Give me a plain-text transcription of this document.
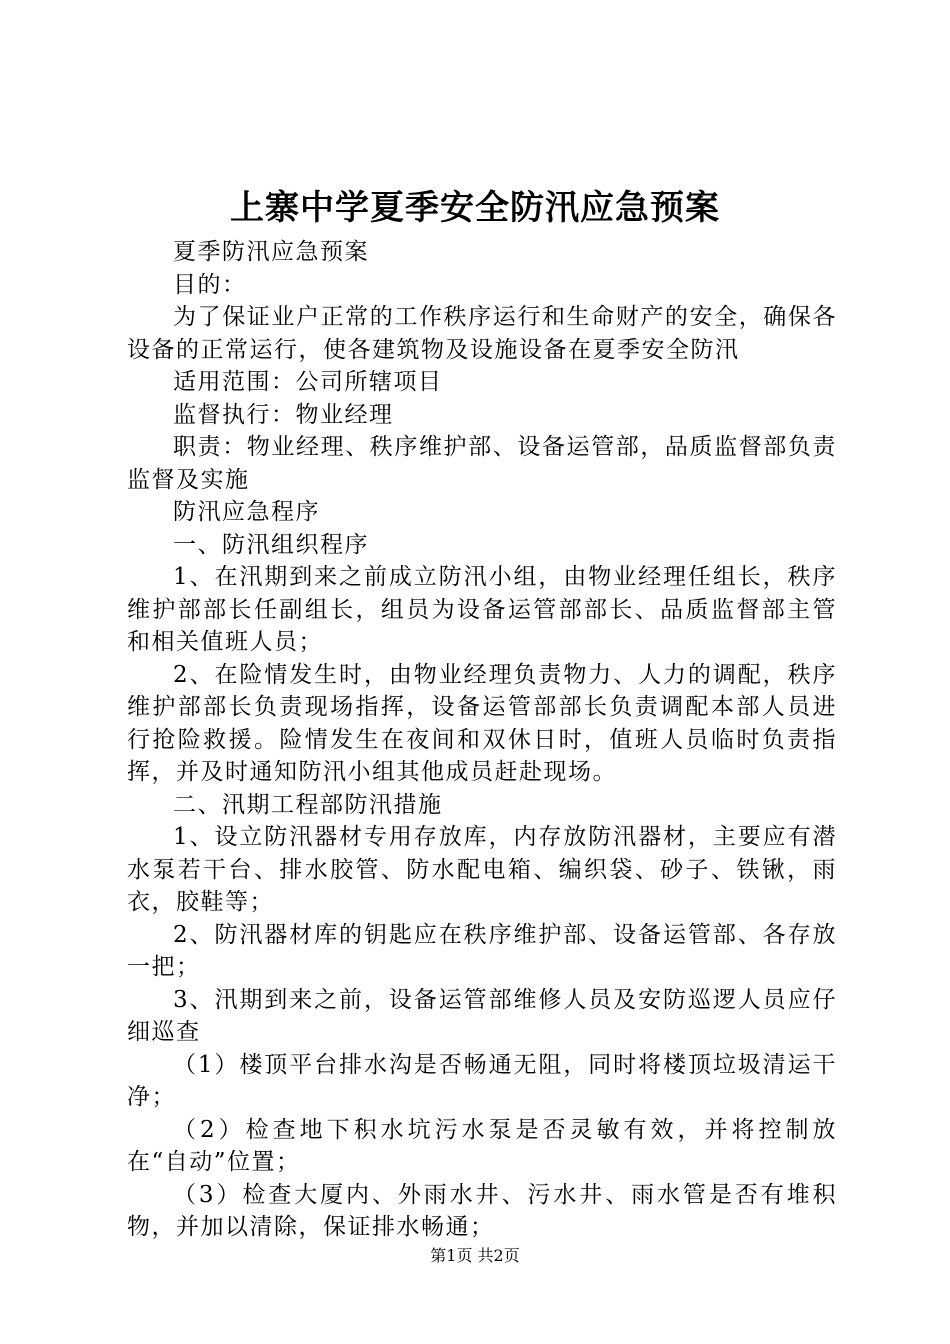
上寨中学夏季安全防汛应急预案

夏季防汛应急预案

目的：

为了保证业户正常的工作秩序运行和生命财产的安全，确保各设备的正常运行，使各建筑物及设施设备在夏季安全防汛

适用范围：公司所辖项目

监督执行：物业经理

职责：物业经理、秩序维护部、设备运管部，品质监督部负责监督及实施

防汛应急程序

一、防汛组织程序

1、在汛期到来之前成立防汛小组，由物业经理任组长，秩序维护部部长任副组长，组员为设备运管部部长、品质监督部主管和相关值班人员；

2、在险情发生时，由物业经理负责物力、人力的调配，秩序维护部部长负责现场指挥，设备运管部部长负责调配本部人员进行抢险救援。险情发生在夜间和双休日时，值班人员临时负责指挥，并及时通知防汛小组其他成员赶赴现场。

二、汛期工程部防汛措施

1、设立防汛器材专用存放库，内存放防汛器材，主要应有潜水泵若干台、排水胶管、防水配电箱、编织袋、砂子、铁锹，雨衣，胶鞋等；

2、防汛器材库的钥匙应在秩序维护部、设备运管部、各存放一把；

3、汛期到来之前，设备运管部维修人员及安防巡逻人员应仔细巡查

（1）楼顶平台排水沟是否畅通无阻，同时将楼顶垃圾清运干净；

（2）检查地下积水坑污水泵是否灵敏有效，并将控制放在“自动”位置；

（3）检查大厦内、外雨水井、污水井、雨水管是否有堆积物，并加以清除，保证排水畅通；

第1页 共2页
